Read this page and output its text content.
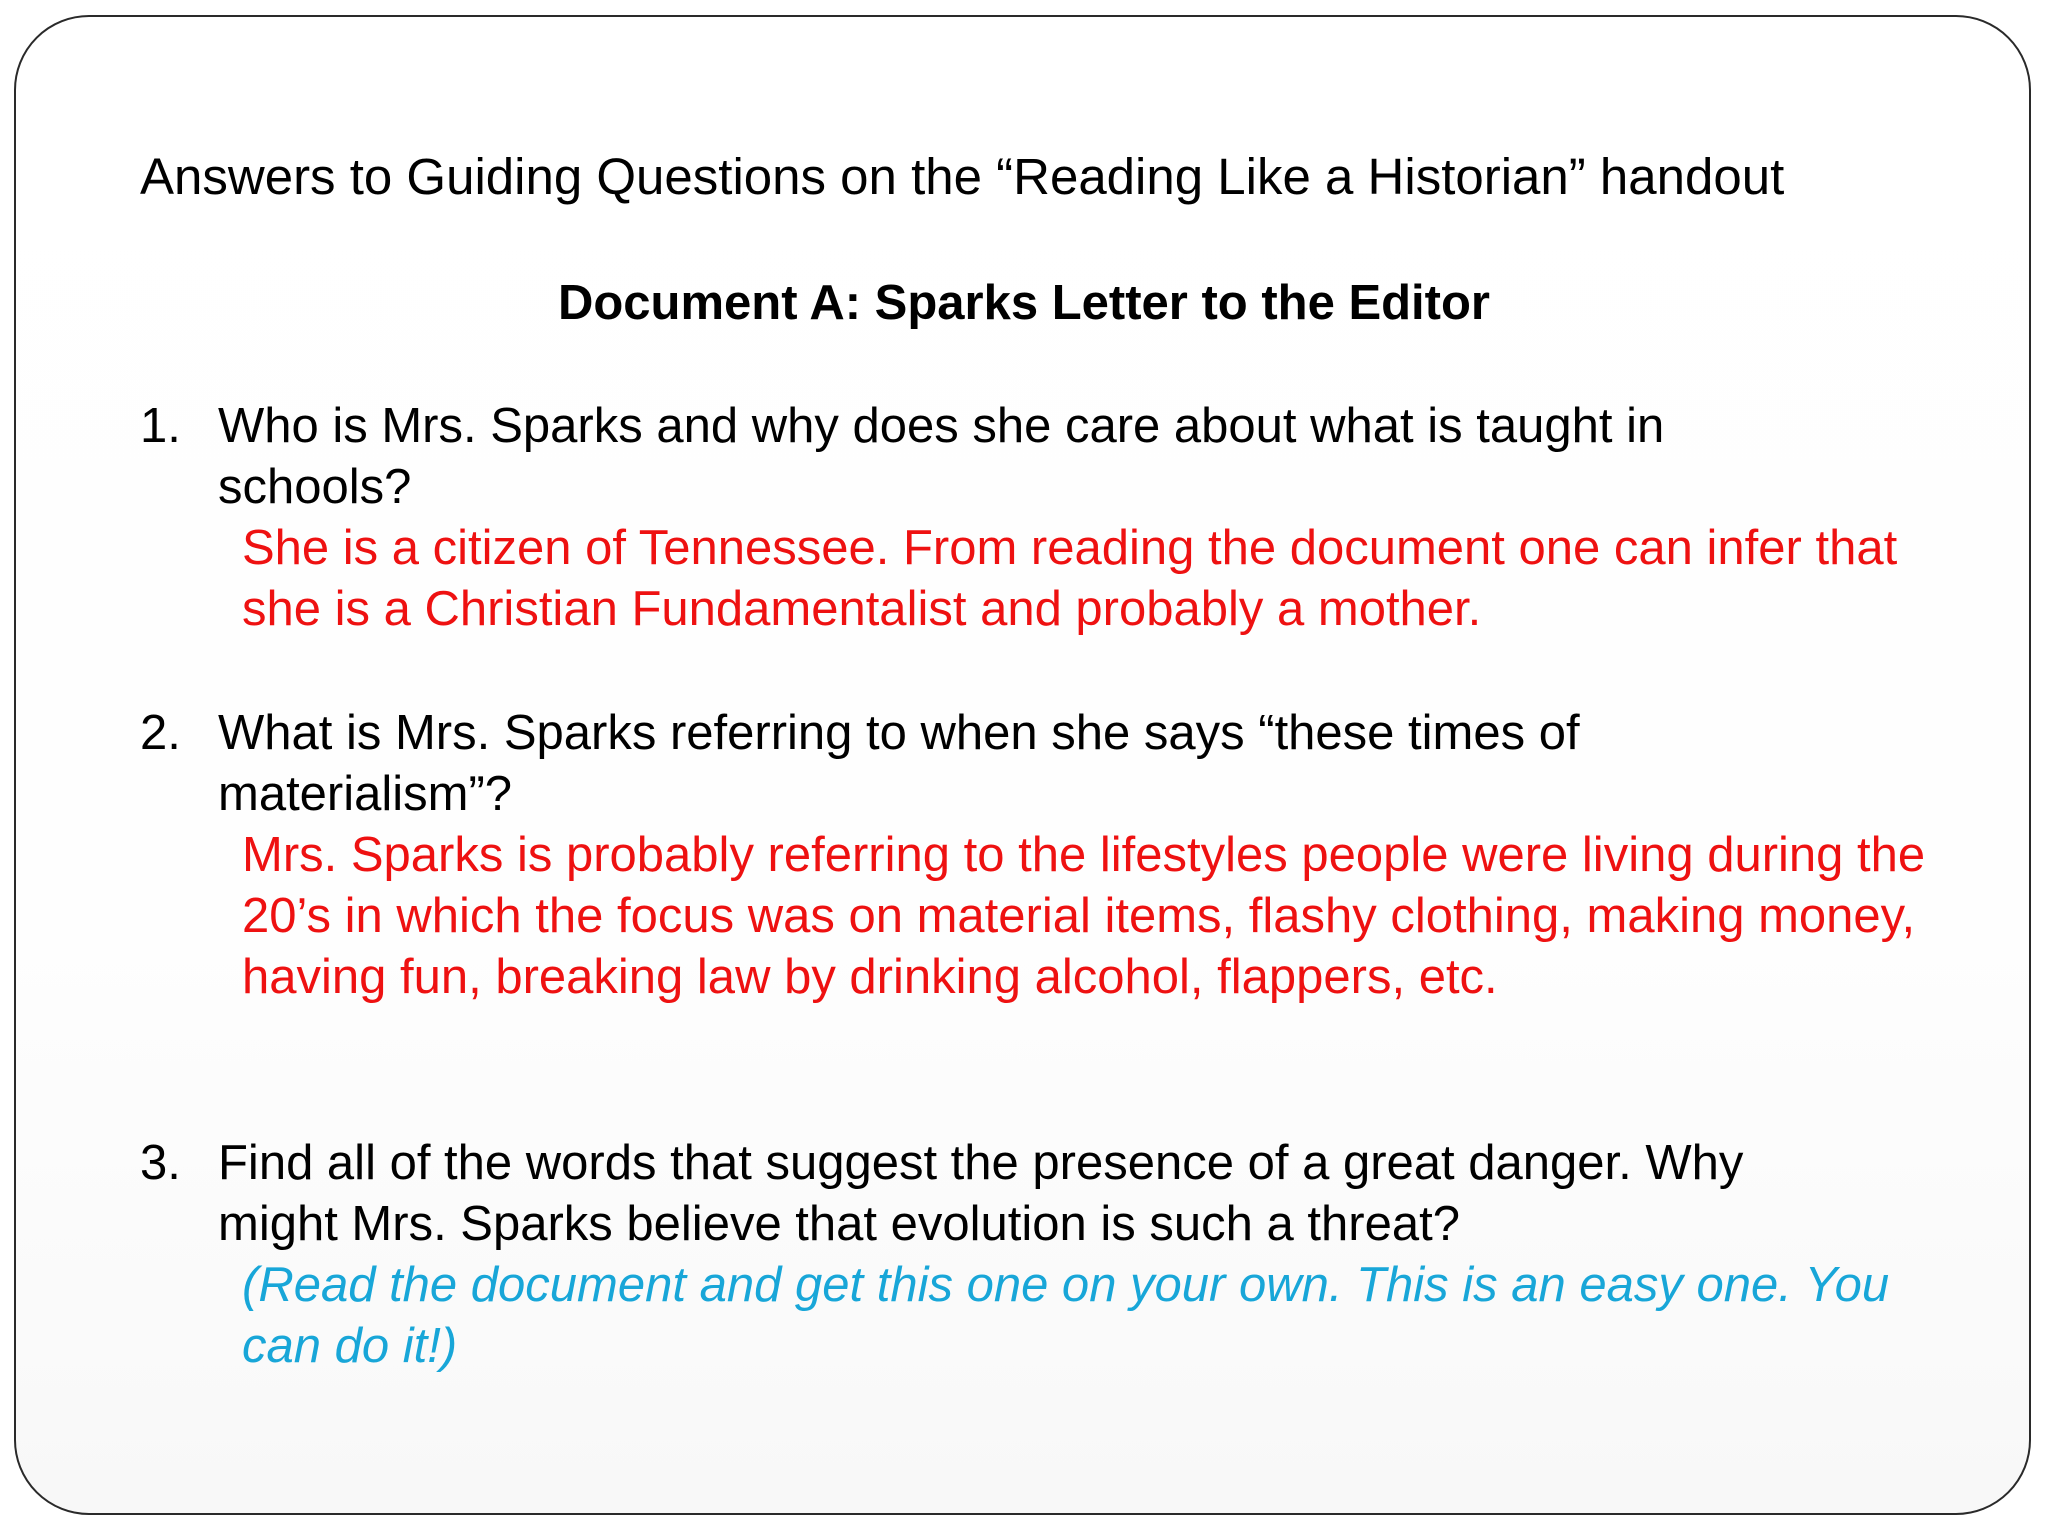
Answers to Guiding Questions on the “Reading Like a Historian” handout

Document A: Sparks Letter to the Editor

1. Who is Mrs. Sparks and why does she care about what is taught in
schools?

She is a citizen of Tennessee. From reading the document one can infer that she is a Christian Fundamentalist and probably a mother.

2. What is Mrs. Sparks referring to when she says “these times of
materialism”?

Mrs. Sparks is probably referring to the lifestyles people were living during the 20’s in which the focus was on material items, flashy clothing, making money, having fun, breaking law by drinking alcohol, flappers, etc.

3. Find all of the words that suggest the presence of a great danger. Why
might Mrs. Sparks believe that evolution is such a threat?

(Read the document and get this one on your own. This is an easy one. You can do it!)
